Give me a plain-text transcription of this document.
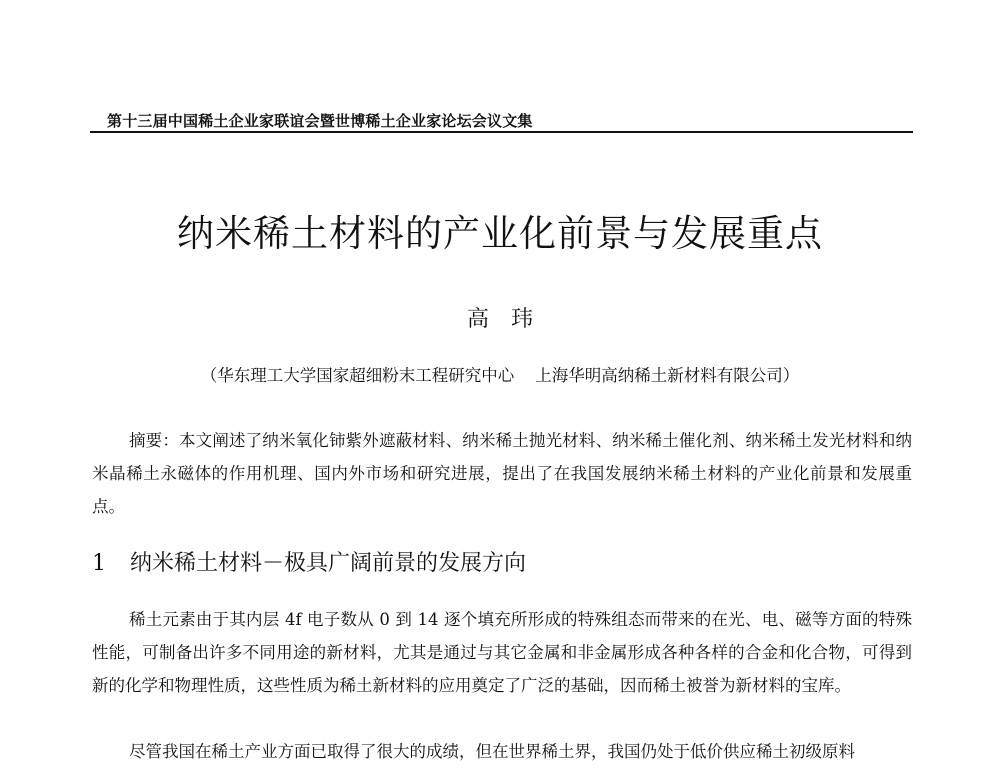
第十三届中国稀土企业家联谊会暨世博稀土企业家论坛会议文集
纳米稀土材料的产业化前景与发展重点
高玮
（华东理工大学国家超细粉末工程研究中心    上海华明高纳稀土新材料有限公司）

摘要：本文阐述了纳米氧化铈紫外遮蔽材料、纳米稀土抛光材料、纳米稀土催化剂、纳米稀土发光材料和纳米晶稀土永磁体的作用机理、国内外市场和研究进展，提出了在我国发展纳米稀土材料的产业化前景和发展重点。

1 纳米稀土材料－极具广阔前景的发展方向

稀土元素由于其内层 4f 电子数从 0 到 14 逐个填充所形成的特殊组态而带来的在光、电、磁等方面的特殊性能，可制备出许多不同用途的新材料，尤其是通过与其它金属和非金属形成各种各样的合金和化合物，可得到新的化学和物理性质，这些性质为稀土新材料的应用奠定了广泛的基础，因而稀土被誉为新材料的宝库。

尽管我国在稀土产业方面已取得了很大的成绩，但在世界稀土界，我国仍处于低价供应稀土初级原料
